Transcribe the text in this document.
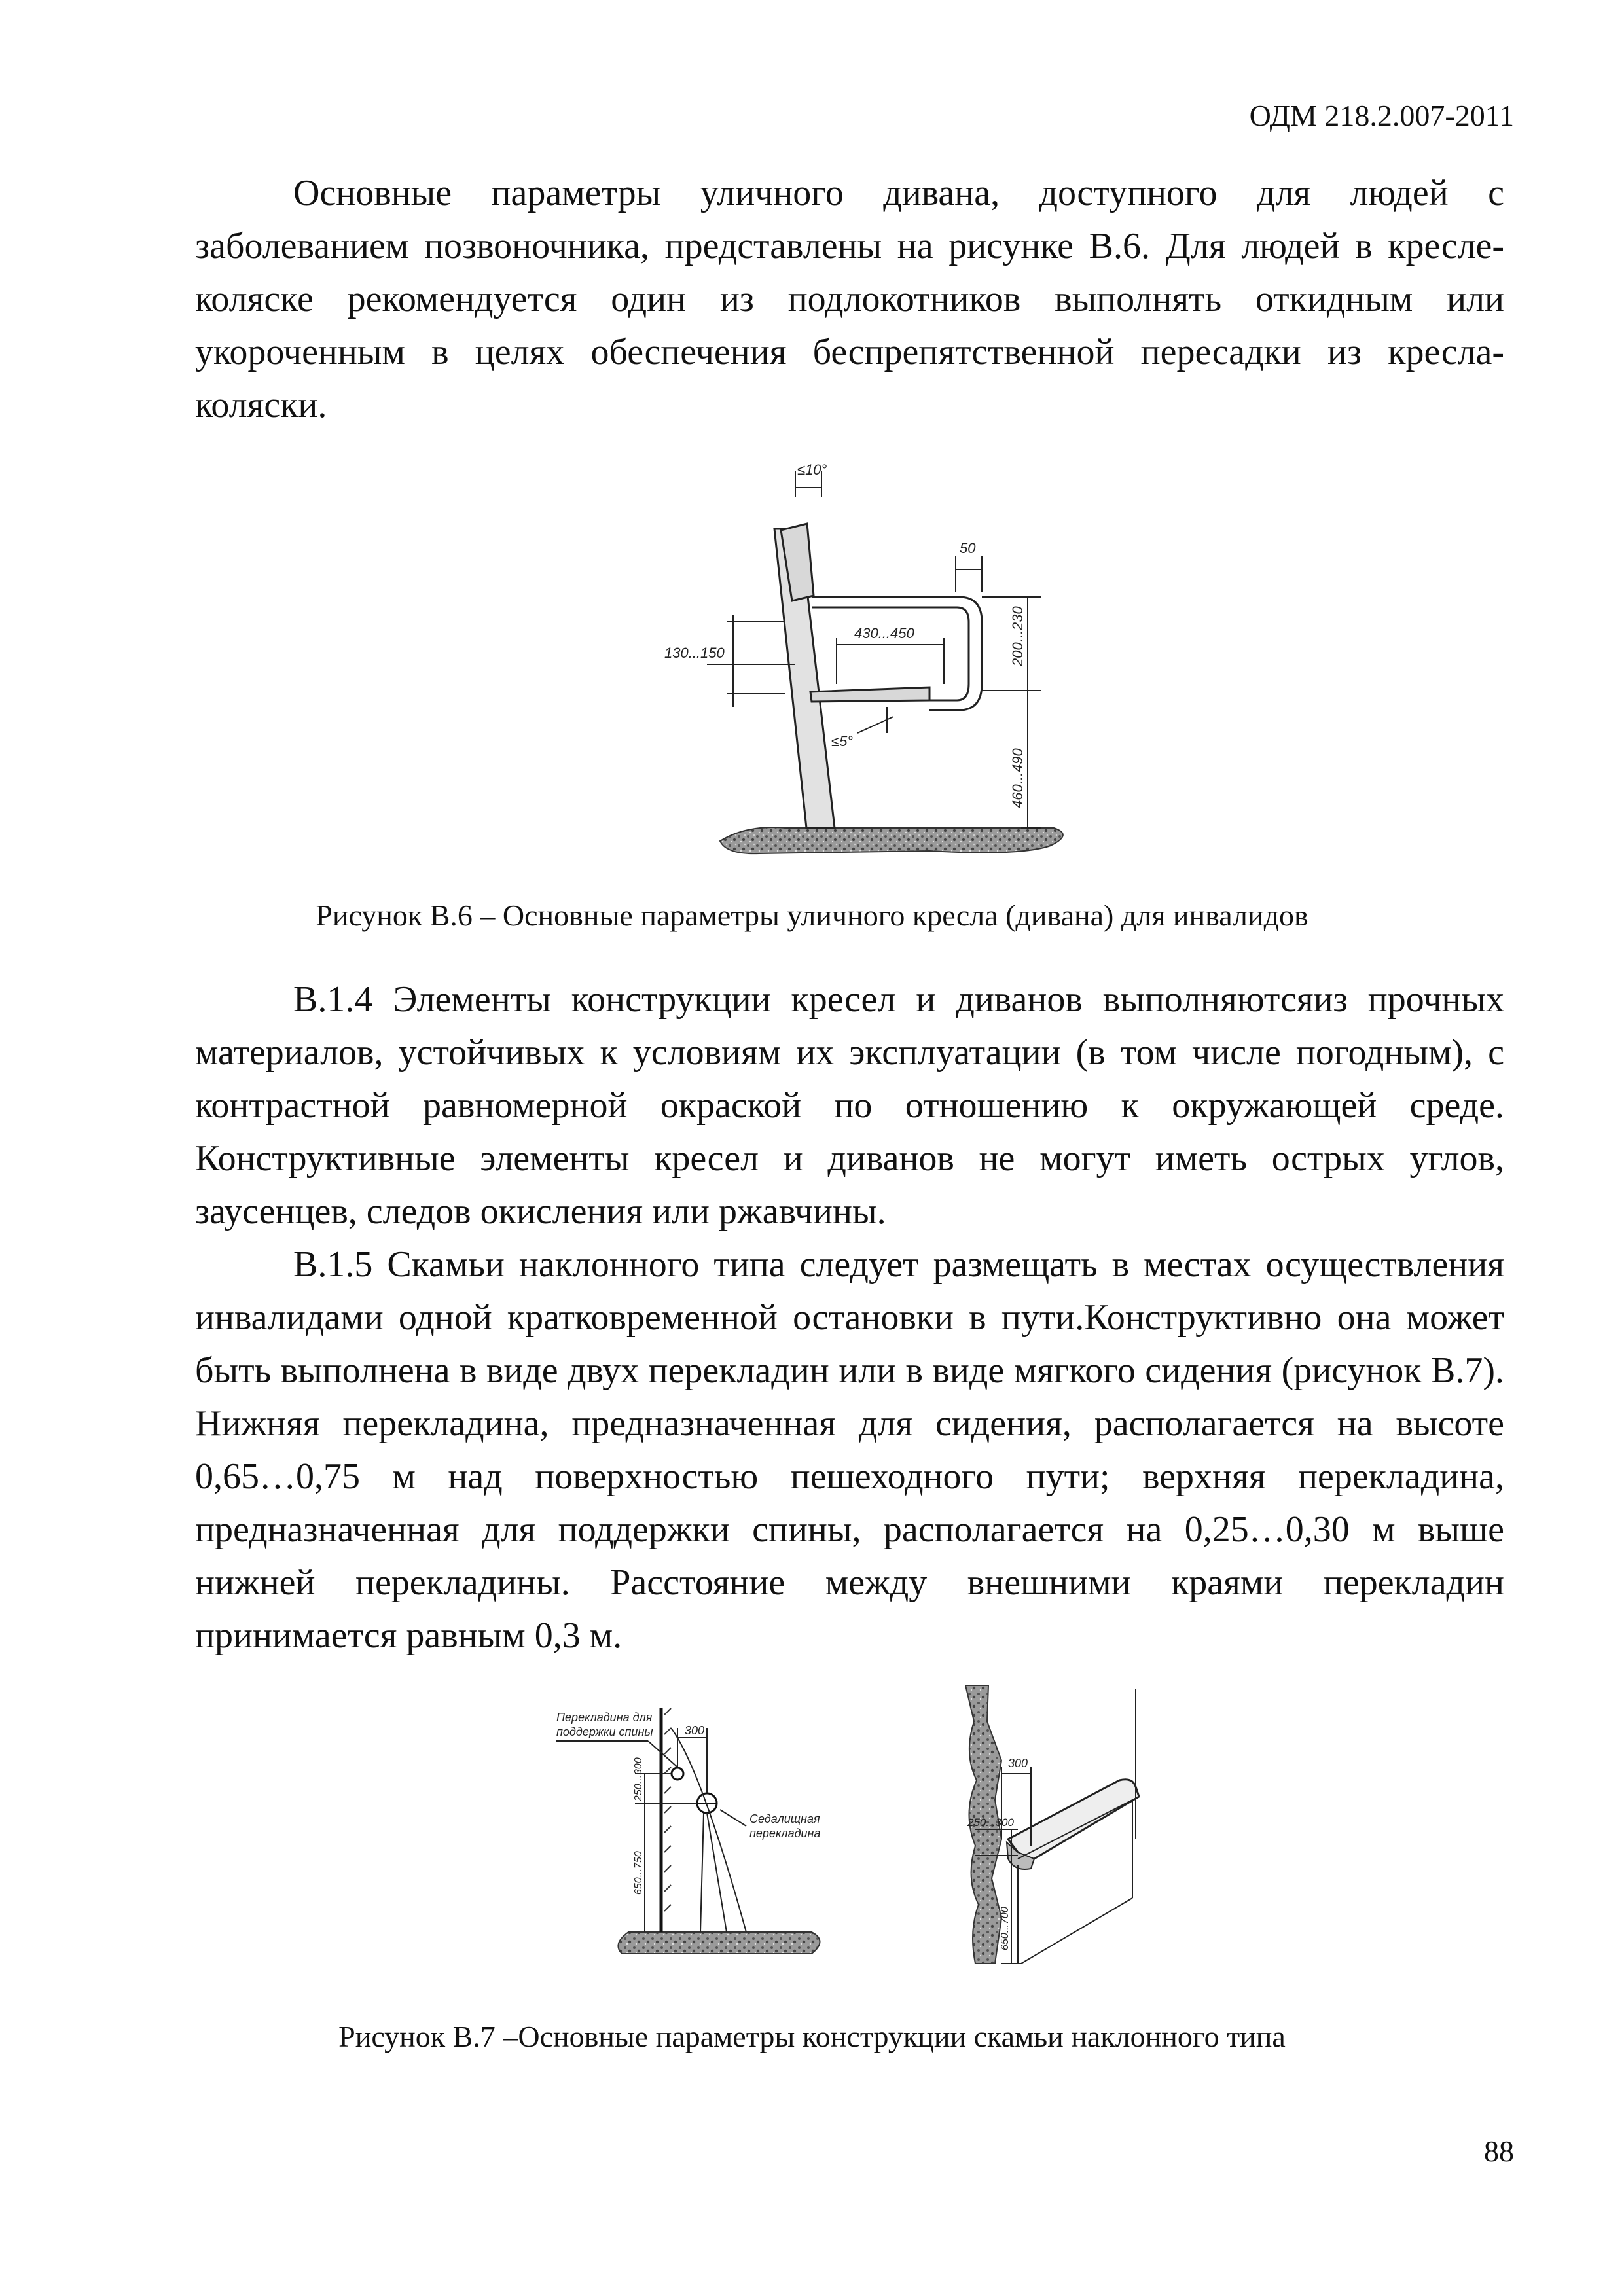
ОДМ 218.2.007-2011

Основные параметры уличного дивана, доступного для людей с заболеванием позвоночника, представлены на рисунке В.6. Для людей в кресле-коляске рекомендуется один из подлокотников выполнять откидным или укороченным в целях обеспечения беспрепятственной пересадки из кресла-коляски.

≤10°
50
430...450	200...230
130...150
≤5°
460...490
Рисунок В.6 – Основные параметры уличного кресла (дивана) для инвалидов

В.1.4 Элементы конструкции кресел и диванов выполняютсяиз прочных материалов, устойчивых к условиям их эксплуатации (в том числе погодным), с контрастной равномерной окраской по отношению к окружающей среде. Конструктивные элементы кресел и диванов не могут иметь острых углов, заусенцев, следов окисления или ржавчины.

В.1.5 Скамьи наклонного типа следует размещать в местах осуществления инвалидами одной кратковременной остановки в пути.Конструктивно она может быть выполнена в виде двух перекладин или в виде мягкого сидения (рисунок В.7). Нижняя перекладина, предназначенная для сидения, располагается на высоте 0,65…0,75 м над поверхностью пешеходного пути; верхняя перекладина, предназначенная для поддержки спины, располагается на 0,25…0,30 м выше нижней перекладины. Расстояние между внешними краями перекладин принимается равным 0,3 м.

Перекладина для
поддержки спины	300
250...300
Седалищная
перекладина
650...750
300
250...300
650...700
Рисунок В.7 –Основные параметры конструкции скамьи наклонного типа
88
